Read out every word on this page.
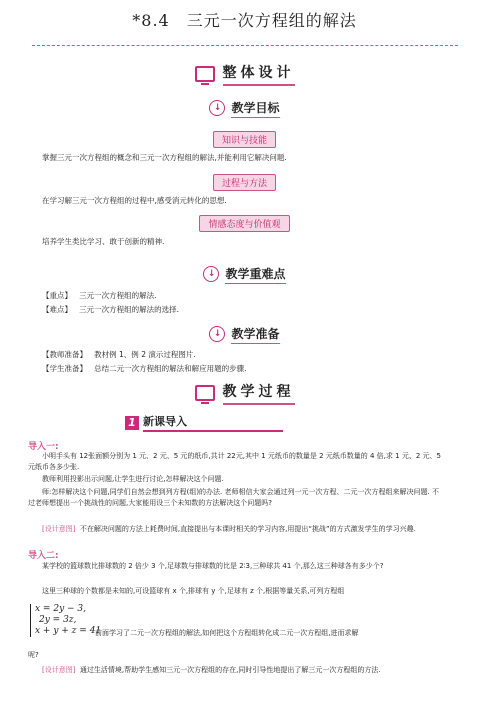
*8.4　三元一次方程组的解法
整体设计
↓ 教学目标
知识与技能
掌握三元一次方程组的概念和三元一次方程组的解法,并能利用它解决问题.
过程与方法
在学习解三元一次方程组的过程中,感受消元转化的思想.
情感态度与价值观
培养学生类比学习、敢于创新的精神.
↓ 教学重难点
【重点】 三元一次方程组的解法.
【难点】 三元一次方程组的解法的选择.
↓ 教学准备
【教师准备】 教材例 1、例 2 演示过程图片.
【学生准备】 总结二元一次方程组的解法和解应用题的步骤.
教学过程
1 新课导入
导入一:
小明手头有 12张面额分别为 1 元、2 元、5 元的纸币,共计 22元,其中 1 元纸币的数量是 2 元纸币数量的 4 倍,求 1 元、2 元、5 元纸币各多少张.
教师利用投影出示问题,让学生进行讨论,怎样解决这个问题.
师:怎样解决这个问题,同学们自然会想到列方程(组)的办法. 老师相信大家会通过列一元一次方程、二元一次方程组来解决问题. 不过老师想提出一个挑战性的问题,大家能用设三个未知数的方法解决这个问题吗?
[设计意图] 不在解决问题的方法上耗费时间,直接提出与本课时相关的学习内容,用提出“挑战”的方式激发学生的学习兴趣.
导入二:
某学校的篮球数比排球数的 2 倍少 3 个,足球数与排球数的比是 2∶3,三种球共 41 个,那么这三种球各有多少个?
这里三种球的个数都是未知的,可设篮球有 x 个,排球有 y 个,足球有 z 个,根据等量关系,可列方程组
x = 2y − 3,
2y = 3z,
x + y + z = 41
前面学习了二元一次方程组的解法,如何把这个方程组转化成二元一次方程组,进而求解
呢?
[设计意图] 通过生活情境,帮助学生感知三元一次方程组的存在,同时引导性地提出了解三元一次方程组的方法.
